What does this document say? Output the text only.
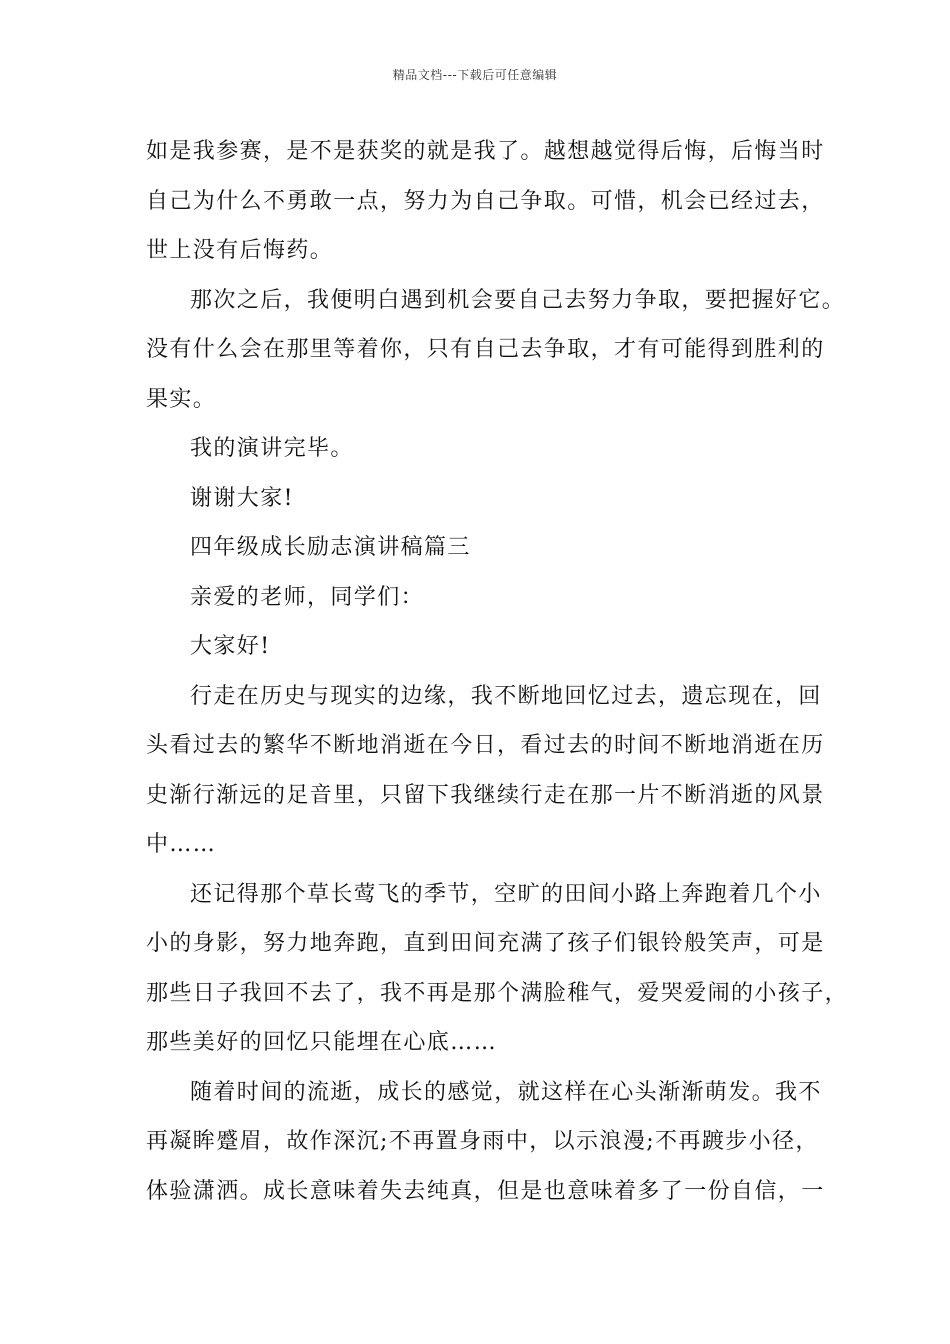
精品文档---下载后可任意编辑
如是我参赛，是不是获奖的就是我了。越想越觉得后悔，后悔当时
自己为什么不勇敢一点，努力为自己争取。可惜，机会已经过去，
世上没有后悔药。
那次之后，我便明白遇到机会要自己去努力争取，要把握好它。
没有什么会在那里等着你，只有自己去争取，才有可能得到胜利的
果实。
我的演讲完毕。
谢谢大家!
四年级成长励志演讲稿篇三
亲爱的老师，同学们：
大家好!
行走在历史与现实的边缘，我不断地回忆过去，遗忘现在，回
头看过去的繁华不断地消逝在今日，看过去的时间不断地消逝在历
史渐行渐远的足音里，只留下我继续行走在那一片不断消逝的风景
中……
还记得那个草长莺飞的季节，空旷的田间小路上奔跑着几个小
小的身影，努力地奔跑，直到田间充满了孩子们银铃般笑声，可是
那些日子我回不去了，我不再是那个满脸稚气，爱哭爱闹的小孩子，
那些美好的回忆只能埋在心底……
随着时间的流逝，成长的感觉，就这样在心头渐渐萌发。我不
再凝眸蹙眉，故作深沉;不再置身雨中，以示浪漫;不再踱步小径，
体验潇洒。成长意味着失去纯真，但是也意味着多了一份自信，一
